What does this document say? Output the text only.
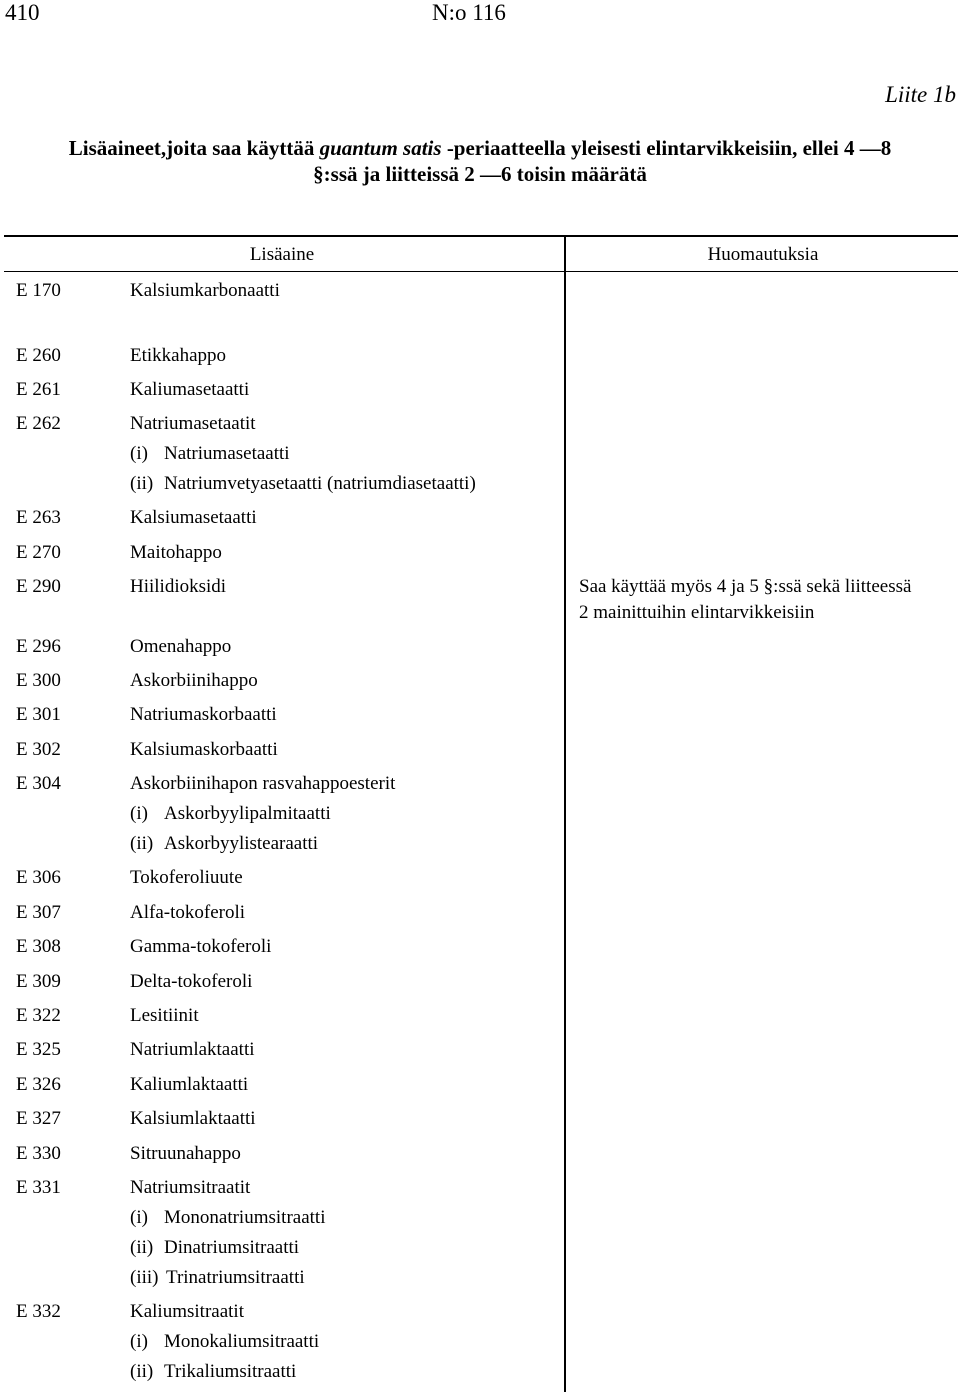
410	N:o 116
Liite 1b
Lisäaineet,joita saa käyttää guantum satis -periaatteella yleisesti elintarvikkeisiin, ellei 4 —8
§:ssä ja liitteissä 2 —6 toisin määrätä
Lisäaine	Huomautuksia
E 170	Kalsiumkarbonaatti
E 260	Etikkahappo
E 261	Kaliumasetaatti
E 262	Natriumasetaatit
(i) Natriumasetaatti
(ii) Natriumvetyasetaatti (natriumdiasetaatti)
E 263	Kalsiumasetaatti
E 270	Maitohappo
E 290	Hiilidioksidi	Saa käyttää myös 4 ja 5 §:ssä sekä liitteessä
2 mainittuihin elintarvikkeisiin
E 296	Omenahappo
E 300	Askorbiinihappo
E 301	Natriumaskorbaatti
E 302	Kalsiumaskorbaatti
E 304	Askorbiinihapon rasvahappoesterit
(i) Askorbyylipalmitaatti
(ii) Askorbyylistearaatti
E 306	Tokoferoliuute
E 307	Alfa-tokoferoli
E 308	Gamma-tokoferoli
E 309	Delta-tokoferoli
E 322	Lesitiinit
E 325	Natriumlaktaatti
E 326	Kaliumlaktaatti
E 327	Kalsiumlaktaatti
E 330	Sitruunahappo
E 331	Natriumsitraatit
(i) Mononatriumsitraatti
(ii) Dinatriumsitraatti
(iii) Trinatriumsitraatti
E 332	Kaliumsitraatit
(i) Monokaliumsitraatti
(ii) Trikaliumsitraatti
